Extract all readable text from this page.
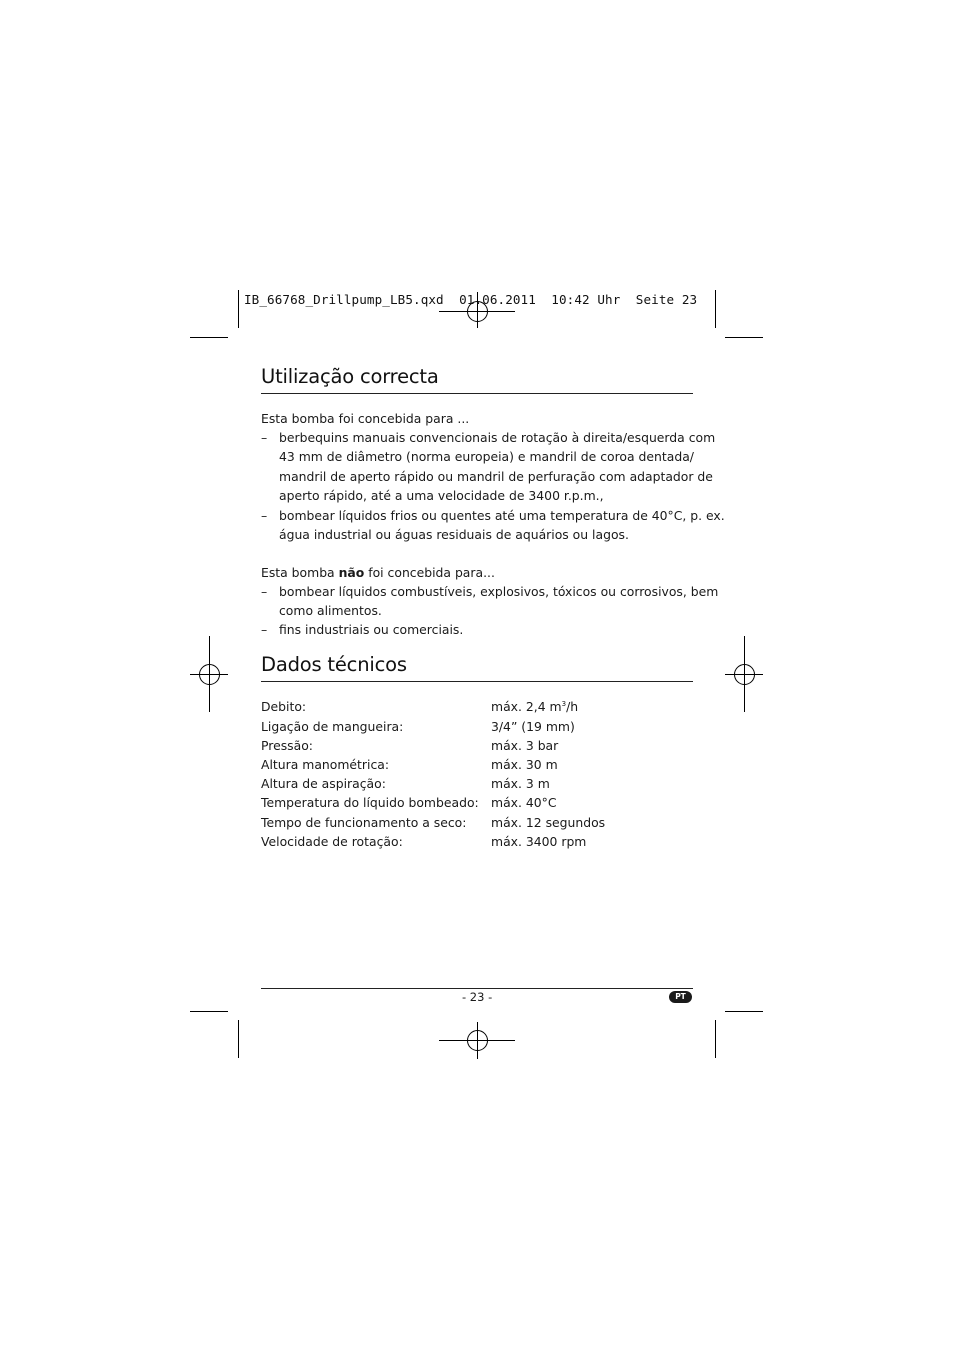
IB_66768_Drillpump_LB5.qxd  01.06.2011  10:42 Uhr  Seite 23
Utilização correcta
Esta bomba foi concebida para ...
– berbequins manuais convencionais de rotação à direita/esquerda com
43 mm de diâmetro (norma europeia) e mandril de coroa dentada/
mandril de aperto rápido ou mandril de perfuração com adaptador de
aperto rápido, até a uma velocidade de 3400 r.p.m.,
– bombear líquidos frios ou quentes até uma temperatura de 40°C, p. ex.
água industrial ou águas residuais de aquários ou lagos.
Esta bomba não foi concebida para...
– bombear líquidos combustíveis, explosivos, tóxicos ou corrosivos, bem
como alimentos.
– fins industriais ou comerciais.
Dados técnicos
Debito:	máx. 2,4 $m^3/h$
Ligação de mangueira:	3/4” (19 mm)
Pressão:	máx. 3 bar
Altura manométrica:	máx. 30 m
Altura de aspiração:	máx. 3 m
Temperatura do líquido bombeado: máx. 40°C
Tempo de funcionamento a seco: máx. 12 segundos
Velocidade de rotação:	máx. 3400 rpm
- 23 -	PT
